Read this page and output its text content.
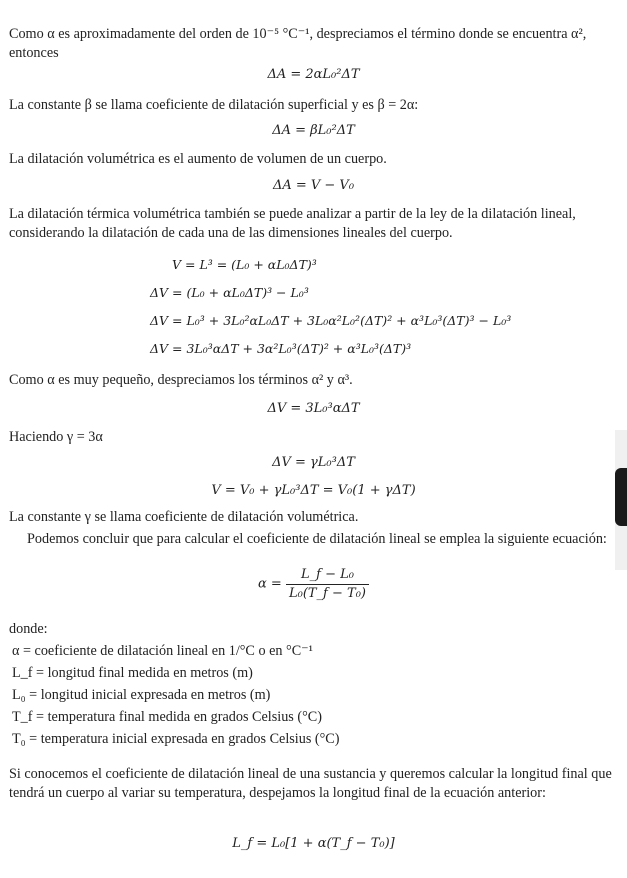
Como α es aproximadamente del orden de 10⁻⁵ °C⁻¹, despreciamos el término donde se encuentra α², entonces

ΔA = 2αL₀²ΔT

La constante β se llama coeficiente de dilatación superficial y es β = 2α:

ΔA = βL₀²ΔT

La dilatación volumétrica es el aumento de volumen de un cuerpo.

ΔA = V − V₀

La dilatación térmica volumétrica también se puede analizar a partir de la ley de la dilatación lineal, considerando la dilatación de cada una de las dimensiones lineales del cuerpo.

V = L³ = (L₀ + αL₀ΔT)³

ΔV = (L₀ + αL₀ΔT)³ − L₀³

ΔV = L₀³ + 3L₀²αL₀ΔT + 3L₀α²L₀²(ΔT)² + α³L₀³(ΔT)³ − L₀³

ΔV = 3L₀³αΔT + 3α²L₀³(ΔT)² + α³L₀³(ΔT)³

Como α es muy pequeño, despreciamos los términos α² y α³.

ΔV = 3L₀³αΔT

Haciendo γ = 3α

ΔV = γL₀³ΔT

V = V₀ + γL₀³ΔT = V₀(1 + γΔT)

La constante γ se llama coeficiente de dilatación volumétrica.

Podemos concluir que para calcular el coeficiente de dilatación lineal se emplea la siguiente ecuación:

$\alpha = \frac{\text{L\_f − L₀}}{\text{L₀(T\_f − T₀)}}$

donde:

α = coeficiente de dilatación lineal en 1/°C o en °C⁻¹
L_f = longitud final medida en metros (m)
L₀ = longitud inicial expresada en metros (m)
T_f = temperatura final medida en grados Celsius (°C)
T₀ = temperatura inicial expresada en grados Celsius (°C)

Si conocemos el coeficiente de dilatación lineal de una sustancia y queremos calcular la longitud final que tendrá un cuerpo al variar su temperatura, despejamos la longitud final de la ecuación anterior:

L_f = L₀[1 + α(T_f − T₀)]
